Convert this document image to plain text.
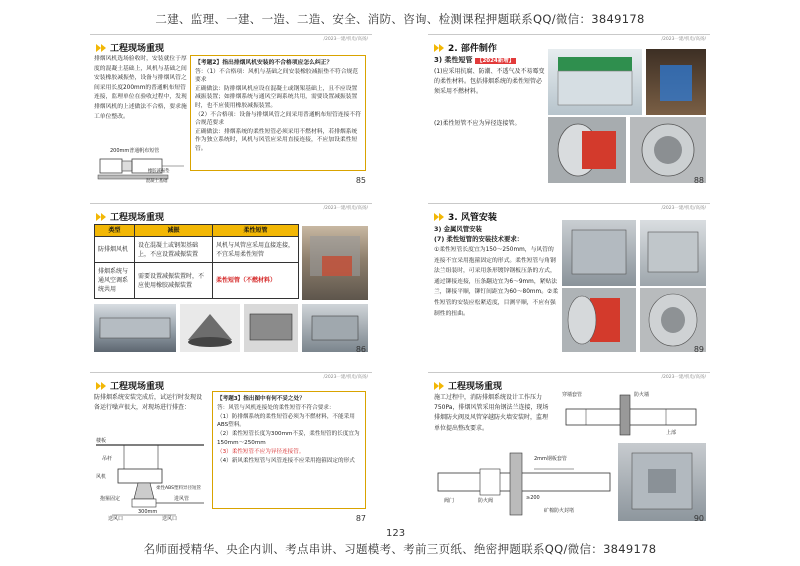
二建、监理、一建、一造、二造、安全、消防、咨询、检测课程押题联系QQ/微信：3849178
/2023一建/机电/高扬/
工程现场重现
排烟风机选场验收时，安装就位于厚度的混凝土基础上，风机与基础之间安装橡胶减振垫，设备与排烟风管之间采用长度200mm的普通帆布短管连接，监理单位在验收过程中，发现排烟风机的上述做法不合格，要求施工单位整改。

【考题2】指出排烟风机安装的不合格项应怎么纠正？

答：（1）不合格项：风机与基础之间安装橡胶减振垫不符合规范要求

正确做法：防排烟风机应设在混凝土或钢架基础上，且不应设置减振装置；如排烟系统与通风空调系统共用，需要设置减振装置时，也不应使用橡胶减振装置。

（2）不合格项：设备与排烟风管之间采用普通帆布短管连接不符合规范要求

正确做法：排烟系统的柔性短管必须采用不燃材料，若排烟系统作为独立系统时，风机与风管应采用直接连接，不应加设柔性短管。

200mm普通帆布短管
橡胶减振垫
混凝土基础	85
/2023一建/机电/高扬/
工程现场重现
类型	减振	柔性短管
防排烟风机	设在混凝土或钢架基础上，不应设置减振装置	风机与风管应采用直接连接，不宜采用柔性短管
排烟系统与通风空调系统共用	需要设置减振装置时，不应使用橡胶减振装置	柔性短管（不燃材料）
86
/2023一建/机电/高扬/
工程现场重现
防排烟系统安装完成后，试运行时发现设备运行噪声很大，对现场进行排查：
楼板
吊杆
风机
柔性ABS塑料异径短管
抱箍固定
300mm
进风管
送风口	送风口

【考题3】指出图中有何不妥之处？

答：风管与风机连接处的柔性短管不符合要求：

（1）防排烟系统的柔性短管必须为不燃材料，不能采用ABS塑料。

（2）柔性短管长度为300mm不妥，柔性短管的长度宜为150mm～250mm

（3）柔性短管不应为异径连接管。

（4）新风柔性短管与风管连接不应采用抱箍固定的形式

87
/2023一建/机电/高扬/
2. 部件制作
3) 柔性短管 【2024新增】
(1)应采用抗腐、防潮、不透气及不易霉变的柔性材料。包括排烟系统的柔性短管必须采用不燃材料。
(2)柔性短管不应为异径连接管。
88
/2023一建/机电/高扬/
3. 风管安装
3) 金属风管安装
(7) 柔性短管的安装技术要求：
①柔性短管长度宜为150～250mm，与风管的连接不宜采用抱箍固定的形式。柔性短管与角钢法兰组装时，可采用条形镀锌钢板压条的方式，通过铆接连接，压条翻边宜为6～9mm，紧贴法兰，铆接平顺，铆钉间距宜为60～80mm。②柔性短管的安装应松紧适度，目测平顺，不应有强制性的扭曲。
89
/2023一建/机电/高扬/
工程现场重现
施工过程中，消防排烟系统设计工作压力750Pa，排烟风管采用角钢法兰连接，现场排烟防火阀及风管穿越防火墙安装时，监理单位提出整改要求。
穿墙套管	防火墙
上部
2mm钢板套管
≥200
防火阀
阀门
矿棉防火封堵
90
123
名师面授精华、央企内训、考点串讲、习题模考、考前三页纸、绝密押题联系QQ/微信：3849178
